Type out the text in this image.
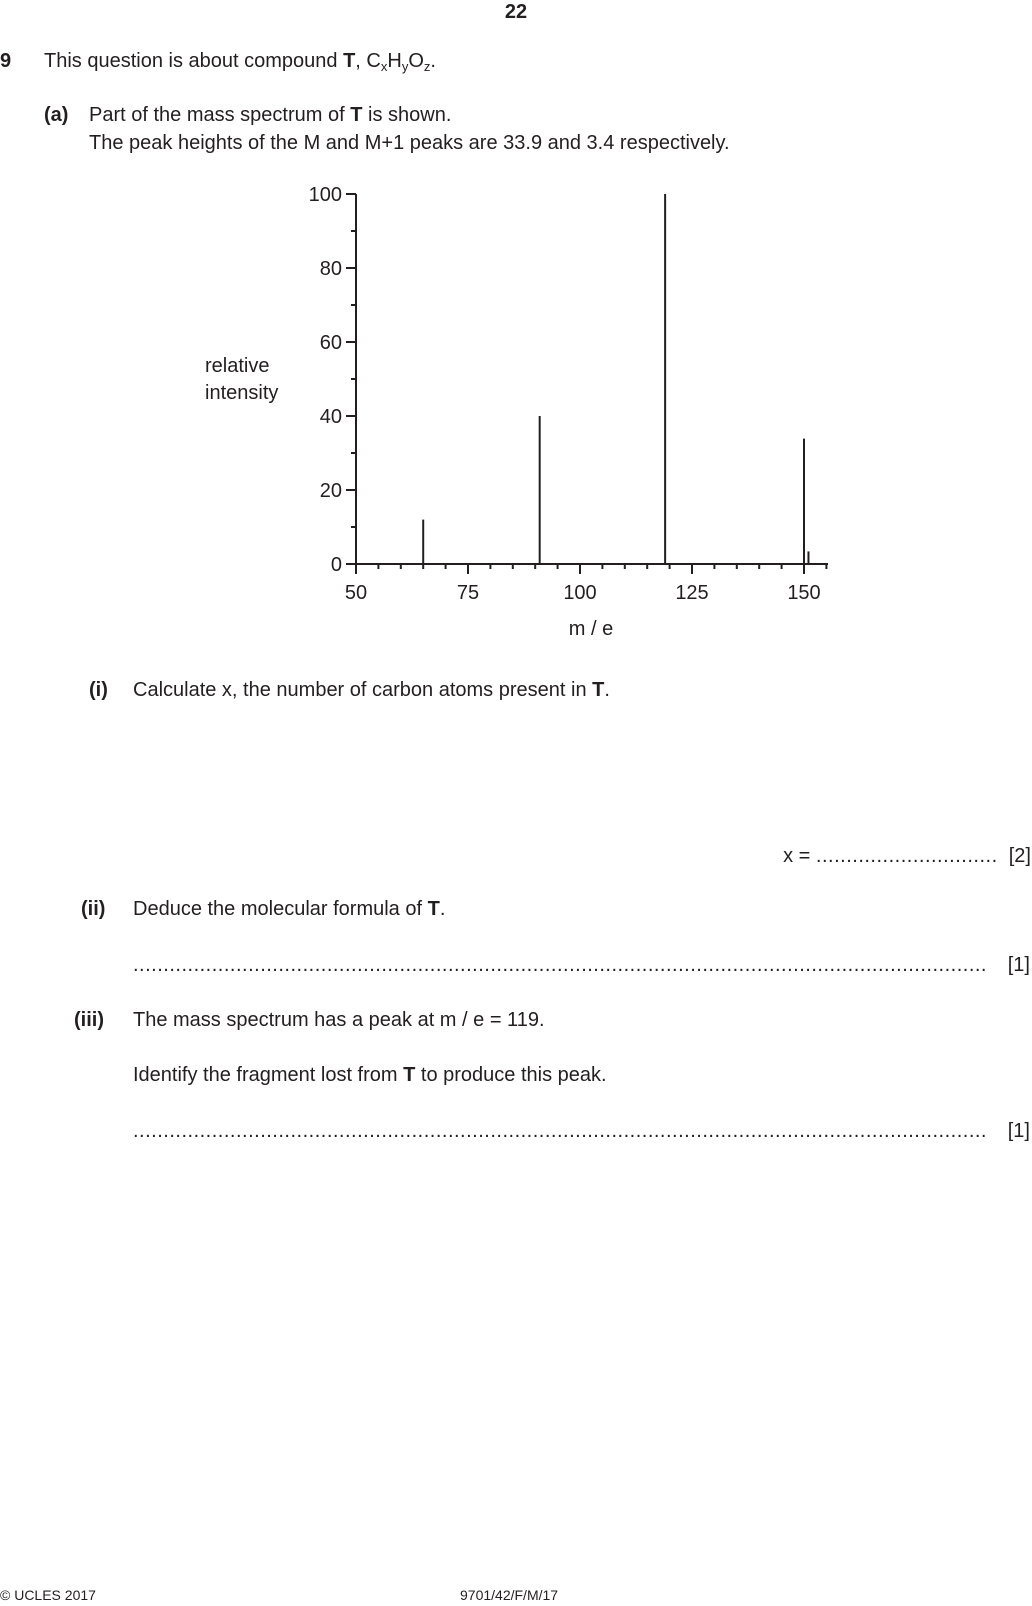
22
9 This question is about compound T, $C_xH_yO_z$.
(a) Part of the mass spectrum of T is shown.
The peak heights of the M and M+1 peaks are 33.9 and 3.4 respectively.
0
20
40
60
80
100
50	75	100	125	150
m / e
relative
intensity
(i) Calculate x, the number of carbon atoms present in T.
x = .............................. [2]
(ii) Deduce the molecular formula of T.
.............................................................................................................................................	[1]
(iii) The mass spectrum has a peak at m / e = 119.
Identify the fragment lost from T to produce this peak.
.............................................................................................................................................	[1]
© UCLES 2017	9701/42/F/M/17
